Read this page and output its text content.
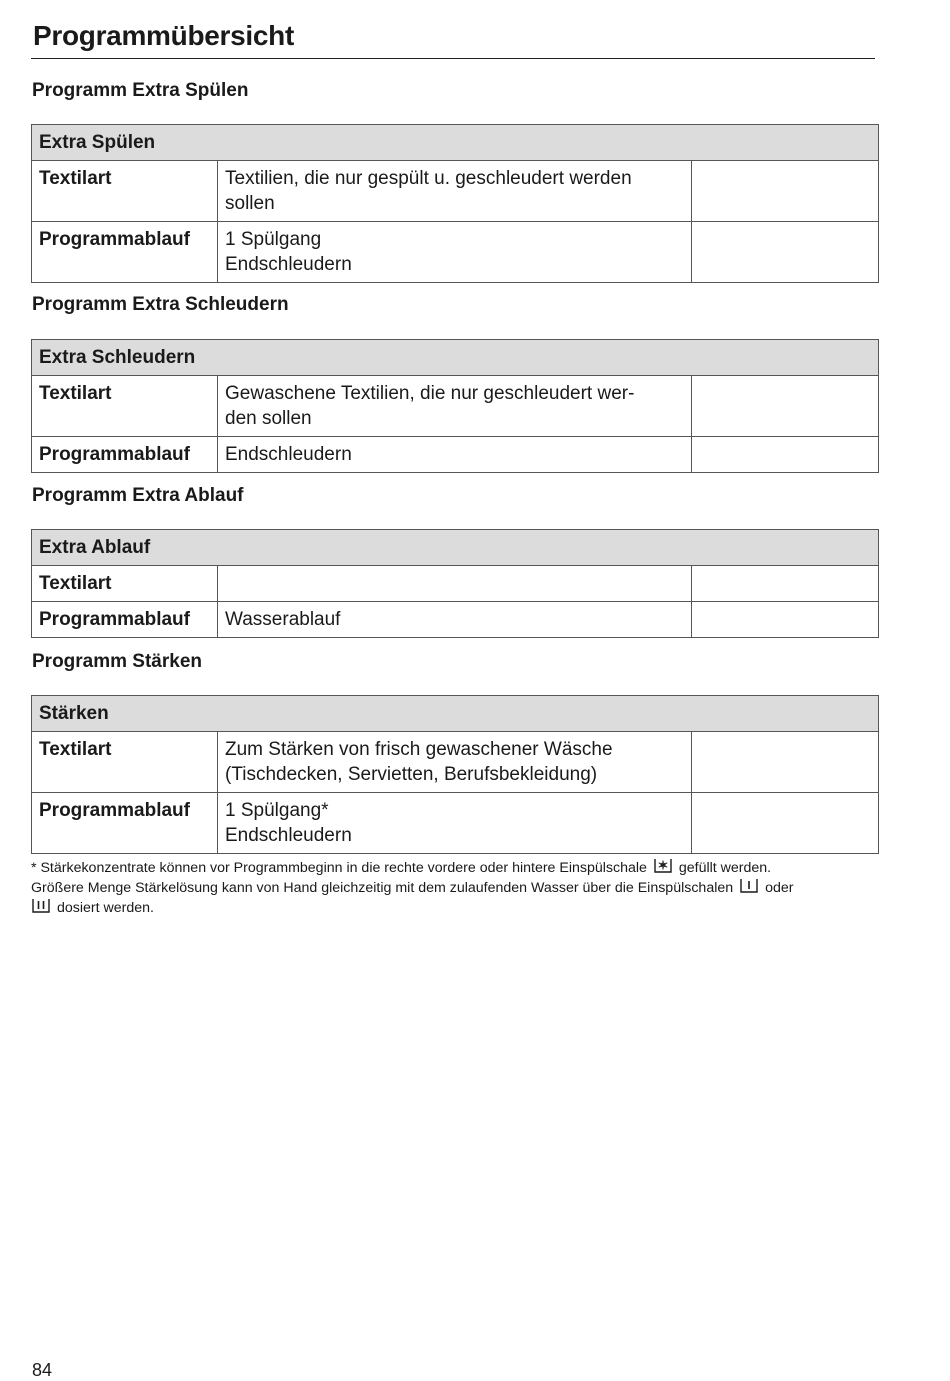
Programmübersicht
Programm Extra Spülen
Extra Spülen		
Textilart	Textilien, die nur gespült u. geschleudert werden
sollen	

Programmablauf	1 Spülgang
Endschleudern	

Programm Extra Schleudern
Extra Schleudern		
Textilart	Gewaschene Textilien, die nur geschleudert wer-
den sollen	

Programmablauf	Endschleudern	

Programm Extra Ablauf
Extra Ablauf		
Textilart		
Programmablauf	Wasserablauf	

Programm Stärken
Stärken		
Textilart	Zum Stärken von frisch gewaschener Wäsche
(Tischdecken, Servietten, Berufsbekleidung)	

Programmablauf	1 Spülgang*
Endschleudern	

* Stärkekonzentrate können vor Programmbeginn in die rechte vordere oder hintere Einspülschale gefüllt werden.
Größere Menge Stärkelösung kann von Hand gleichzeitig mit dem zulaufenden Wasser über die Einspülschalen oder
dosiert werden.

84
